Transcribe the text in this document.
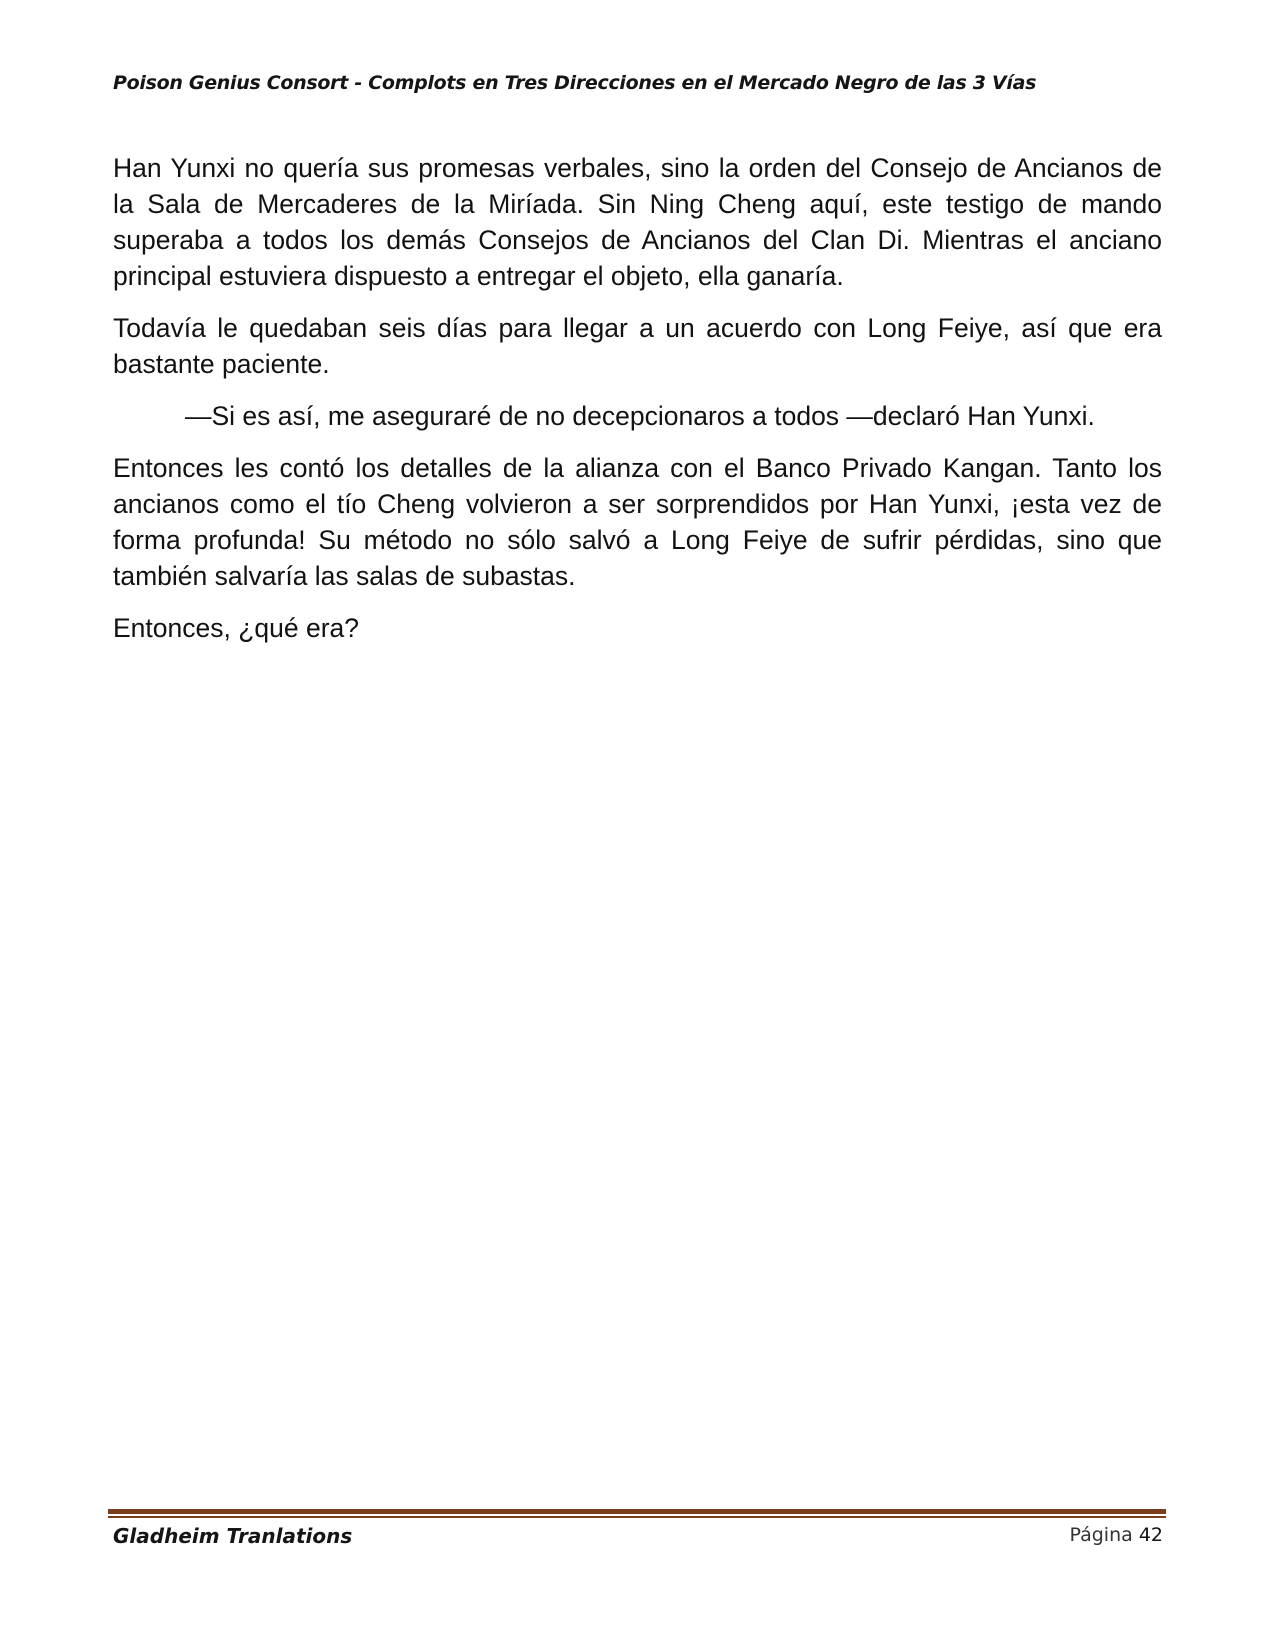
Poison Genius Consort - Complots en Tres Direcciones en el Mercado Negro de las 3 Vías

Han Yunxi no quería sus promesas verbales, sino la orden del Consejo de Ancianos de la Sala de Mercaderes de la Miríada. Sin Ning Cheng aquí, este testigo de mando superaba a todos los demás Consejos de Ancianos del Clan Di. Mientras el anciano principal estuviera dispuesto a entregar el objeto, ella ganaría.

Todavía le quedaban seis días para llegar a un acuerdo con Long Feiye, así que era bastante paciente.

—Si es así, me aseguraré de no decepcionaros a todos —declaró Han Yunxi.

Entonces les contó los detalles de la alianza con el Banco Privado Kangan. Tanto los ancianos como el tío Cheng volvieron a ser sorprendidos por Han Yunxi, ¡esta vez de forma profunda! Su método no sólo salvó a Long Feiye de sufrir pérdidas, sino que también salvaría las salas de subastas.

Entonces, ¿qué era?

Gladheim Tranlations	Página 42
